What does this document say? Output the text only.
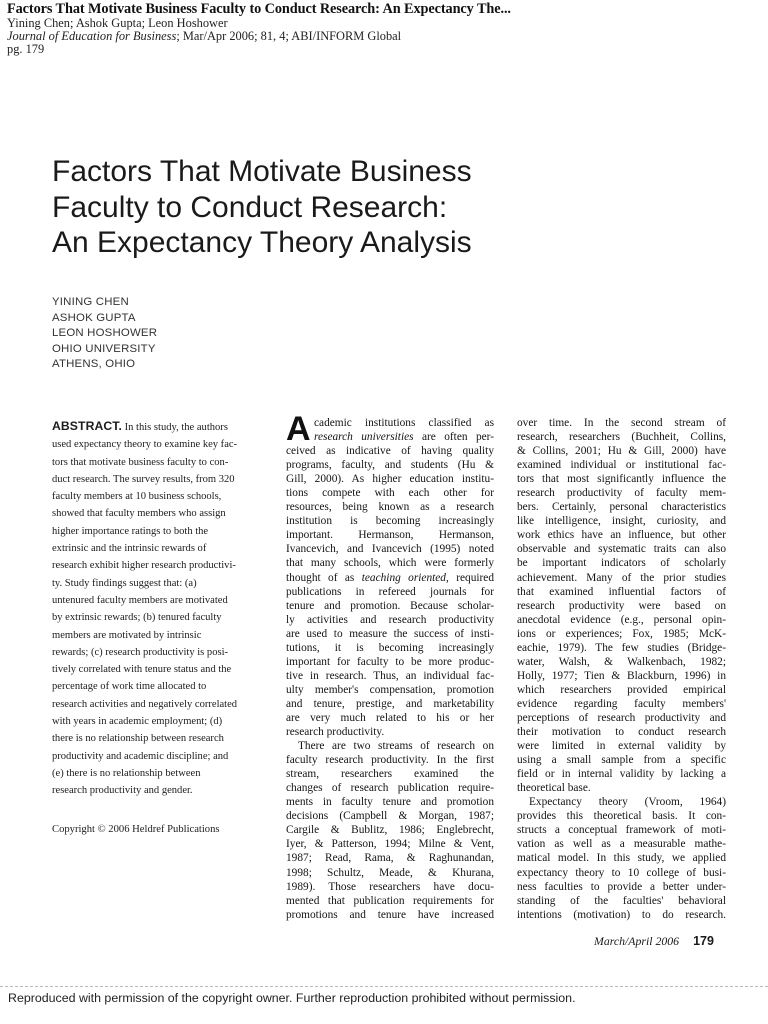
Factors That Motivate Business Faculty to Conduct Research: An Expectancy The...
Yining Chen; Ashok Gupta; Leon Hoshower
Journal of Education for Business; Mar/Apr 2006; 81, 4; ABI/INFORM Global
pg. 179
Factors That Motivate Business
Faculty to Conduct Research:
An Expectancy Theory Analysis
YINING CHEN
ASHOK GUPTA
LEON HOSHOWER
OHIO UNIVERSITY
ATHENS, OHIO
ABSTRACT. In this study, the authors
used expectancy theory to examine key fac-
tors that motivate business faculty to con-
duct research. The survey results, from 320
faculty members at 10 business schools,
showed that faculty members who assign
higher importance ratings to both the
extrinsic and the intrinsic rewards of
research exhibit higher research productivi-
ty. Study findings suggest that: (a)
untenured faculty members are motivated
by extrinsic rewards; (b) tenured faculty
members are motivated by intrinsic
rewards; (c) research productivity is posi-
tively correlated with tenure status and the
percentage of work time allocated to
research activities and negatively correlated
with years in academic employment; (d)
there is no relationship between research
productivity and academic discipline; and
(e) there is no relationship between
research productivity and gender.
Copyright © 2006 Heldref Publications
A cademic institutions classified as
research universities are often per-
ceived as indicative of having quality
programs, faculty, and students (Hu &
Gill, 2000). As higher education institu-
tions compete with each other for
resources, being known as a research
institution is becoming increasingly
important. Hermanson, Hermanson,
Ivancevich, and Ivancevich (1995) noted
that many schools, which were formerly
thought of as teaching oriented, required
publications in refereed journals for
tenure and promotion. Because scholar-
ly activities and research productivity
are used to measure the success of insti-
tutions, it is becoming increasingly
important for faculty to be more produc-
tive in research. Thus, an individual fac-
ulty member's compensation, promotion
and tenure, prestige, and marketability
are very much related to his or her
research productivity.
There are two streams of research on
faculty research productivity. In the first
stream, researchers examined the
changes of research publication require-
ments in faculty tenure and promotion
decisions (Campbell & Morgan, 1987;
Cargile & Bublitz, 1986; Englebrecht,
Iyer, & Patterson, 1994; Milne & Vent,
1987; Read, Rama, & Raghunandan,
1998; Schultz, Meade, & Khurana,
1989). Those researchers have docu-
mented that publication requirements for
promotions and tenure have increased
over time. In the second stream of
research, researchers (Buchheit, Collins,
& Collins, 2001; Hu & Gill, 2000) have
examined individual or institutional fac-
tors that most significantly influence the
research productivity of faculty mem-
bers. Certainly, personal characteristics
like intelligence, insight, curiosity, and
work ethics have an influence, but other
observable and systematic traits can also
be important indicators of scholarly
achievement. Many of the prior studies
that examined influential factors of
research productivity were based on
anecdotal evidence (e.g., personal opin-
ions or experiences; Fox, 1985; McK-
eachie, 1979). The few studies (Bridge-
water, Walsh, & Walkenbach, 1982;
Holly, 1977; Tien & Blackburn, 1996) in
which researchers provided empirical
evidence regarding faculty members'
perceptions of research productivity and
their motivation to conduct research
were limited in external validity by
using a small sample from a specific
field or in internal validity by lacking a
theoretical base.
Expectancy theory (Vroom, 1964)
provides this theoretical basis. It con-
structs a conceptual framework of moti-
vation as well as a measurable mathe-
matical model. In this study, we applied
expectancy theory to 10 college of busi-
ness faculties to provide a better under-
standing of the faculties' behavioral
intentions (motivation) to do research.
March/April 2006 179
Reproduced with permission of the copyright owner. Further reproduction prohibited without permission.
